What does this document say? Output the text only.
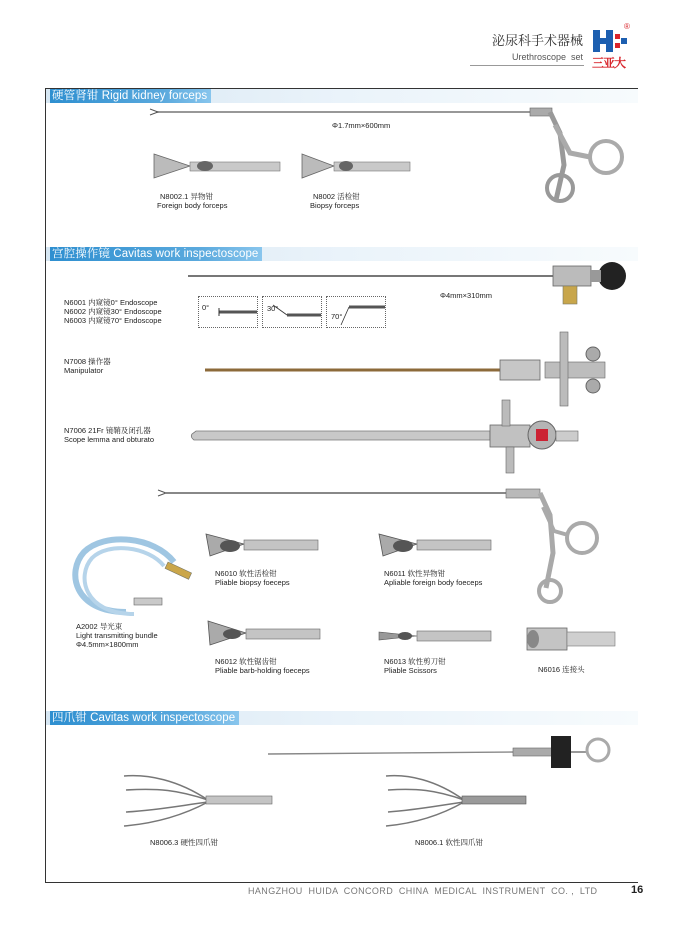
泌尿科手术器械
Urethroscope  set
®
三亚大
硬管肾钳 Rigid kidney forceps
Φ1.7mm×600mm
N8002.1 异物钳
Foreign body forceps
N8002 活检钳
Biopsy forceps
宫腔操作镜 Cavitas work inspectoscope
Φ4mm×310mm
N6001 内窥镜0° Endoscope
N6002 内窥镜30° Endoscope
N6003 内窥镜70° Endoscope
0°	30°
70°
N7008 操作器
Manipulator
N7006 21Fr 镜鞘及闭孔器
Scope lemma and obturato
A2002 导光束
Light transmitting bundle
Φ4.5mm×1800mm
N6010 软性活检钳
Pliable biopsy foeceps
N6011 软性异物钳
Apliable foreign body foeceps
N6012 软性锯齿钳
Pliable barb-holding foeceps
N6013 软性剪刀钳
Pliable Scissors	N6016 连接头
四爪钳 Cavitas work inspectoscope
N8006.3 硬性四爪钳	N8006.1 软性四爪钳
HANGZHOU  HUIDA  CONCORD  CHINA  MEDICAL  INSTRUMENT  CO. ,  LTD	16
